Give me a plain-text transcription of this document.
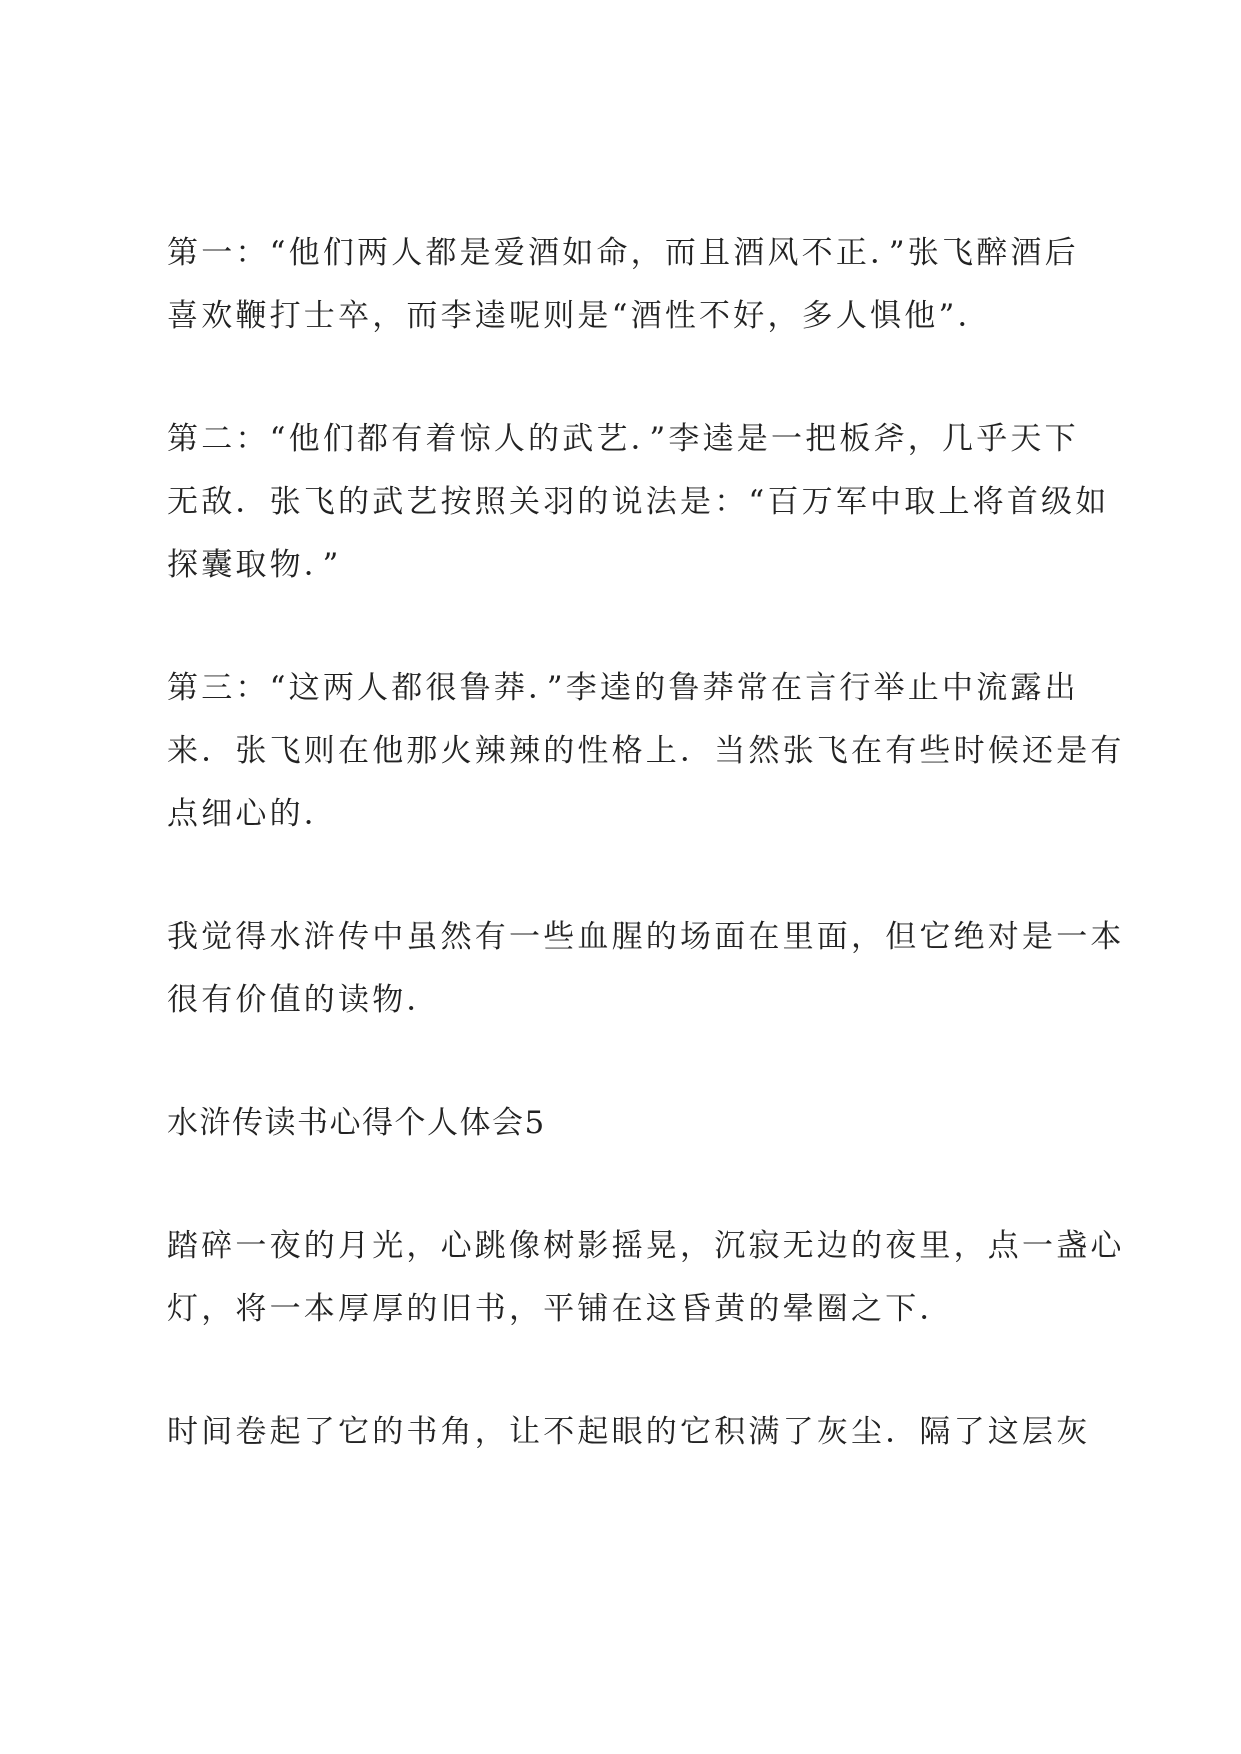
第一：“他们两人都是爱酒如命，而且酒风不正．”张飞醉酒后
喜欢鞭打士卒，而李逵呢则是“酒性不好，多人惧他”．
第二：“他们都有着惊人的武艺．”李逵是一把板斧，几乎天下
无敌．张飞的武艺按照关羽的说法是：“百万军中取上将首级如
探囊取物．”
第三：“这两人都很鲁莽．”李逵的鲁莽常在言行举止中流露出
来．张飞则在他那火辣辣的性格上．当然张飞在有些时候还是有
点细心的．
我觉得水浒传中虽然有一些血腥的场面在里面，但它绝对是一本
很有价值的读物．
水浒传读书心得个人体会5
踏碎一夜的月光，心跳像树影摇晃，沉寂无边的夜里，点一盏心
灯，将一本厚厚的旧书，平铺在这昏黄的晕圈之下．
时间卷起了它的书角，让不起眼的它积满了灰尘．隔了这层灰
